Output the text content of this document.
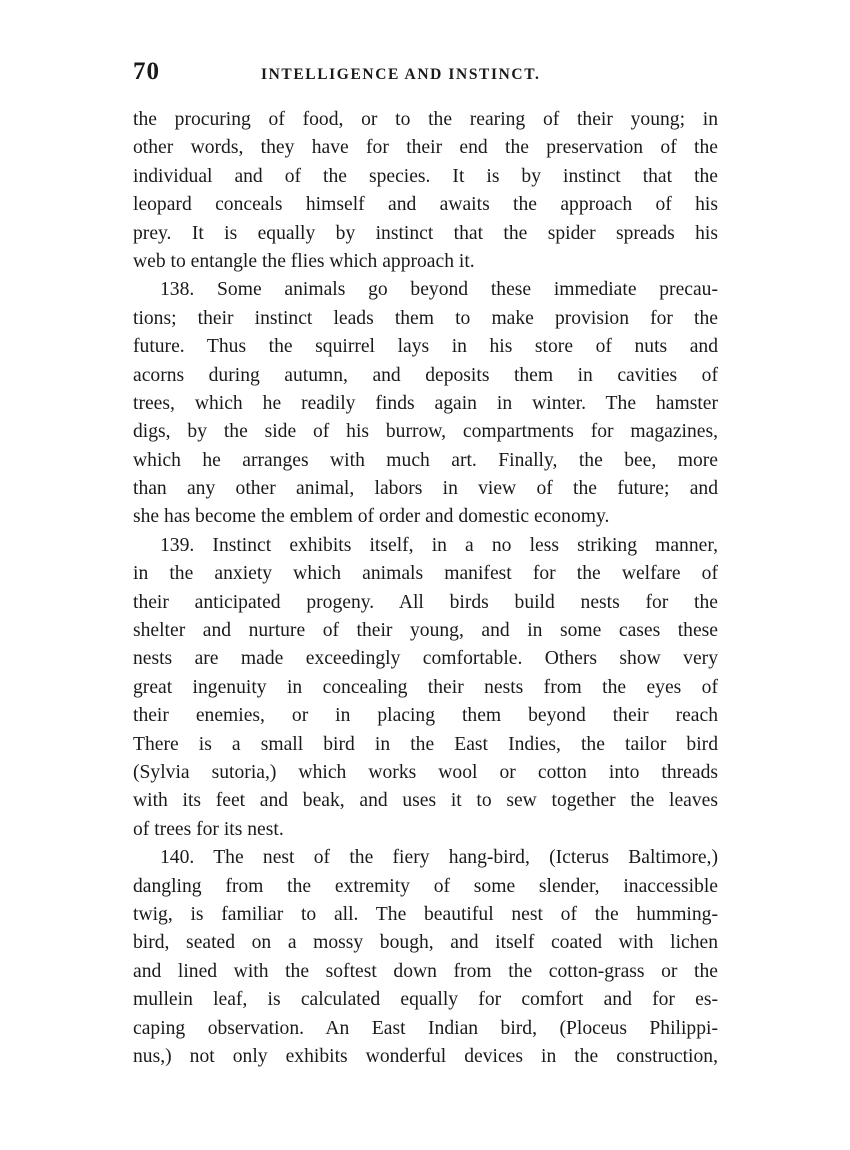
70	INTELLIGENCE AND INSTINCT.
the procuring of food, or to the rearing of their young; in
other words, they have for their end the preservation of the
individual and of the species. It is by instinct that the
leopard conceals himself and awaits the approach of his
prey. It is equally by instinct that the spider spreads his
web to entangle the flies which approach it.
138. Some animals go beyond these immediate precau-
tions; their instinct leads them to make provision for the
future. Thus the squirrel lays in his store of nuts and
acorns during autumn, and deposits them in cavities of
trees, which he readily finds again in winter. The hamster
digs, by the side of his burrow, compartments for magazines,
which he arranges with much art. Finally, the bee, more
than any other animal, labors in view of the future; and
she has become the emblem of order and domestic economy.
139. Instinct exhibits itself, in a no less striking manner,
in the anxiety which animals manifest for the welfare of
their anticipated progeny. All birds build nests for the
shelter and nurture of their young, and in some cases these
nests are made exceedingly comfortable. Others show very
great ingenuity in concealing their nests from the eyes of
their enemies, or in placing them beyond their reach
There is a small bird in the East Indies, the tailor bird
(Sylvia sutoria,) which works wool or cotton into threads
with its feet and beak, and uses it to sew together the leaves
of trees for its nest.
140. The nest of the fiery hang-bird, (Icterus Baltimore,)
dangling from the extremity of some slender, inaccessible
twig, is familiar to all. The beautiful nest of the humming-
bird, seated on a mossy bough, and itself coated with lichen
and lined with the softest down from the cotton-grass or the
mullein leaf, is calculated equally for comfort and for es-
caping observation. An East Indian bird, (Ploceus Philippi-
nus,) not only exhibits wonderful devices in the construction,
